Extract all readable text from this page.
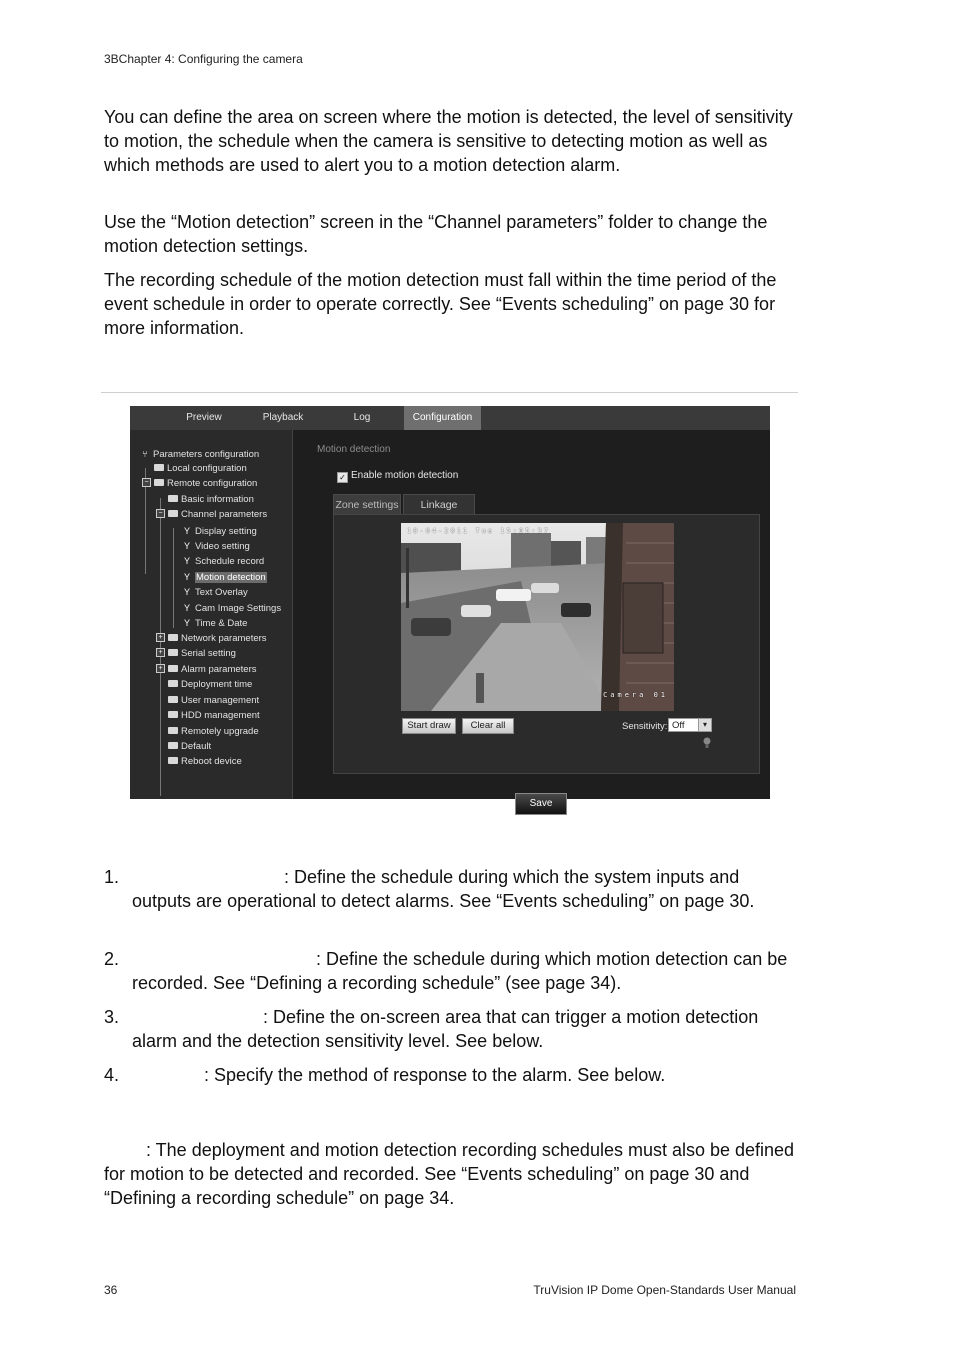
3BChapter 4: Configuring the camera

You can define the area on screen where the motion is detected, the level of sensitivity to motion, the schedule when the camera is sensitive to detecting motion as well as which methods are used to alert you to a motion detection alarm.

Use the “Motion detection” screen in the “Channel parameters” folder to change the motion detection settings.

The recording schedule of the motion detection must fall within the time period of the event schedule in order to operate correctly. See “Events scheduling” on page 30 for more information.

Preview	Playback	Log	Configuration
⑂ Parameters configuration
Local configuration
− Remote configuration
Basic information
− Channel parameters
Y Display setting
Y Video setting
Y Schedule record
Y Motion detection
Y Text Overlay
Y Cam Image Settings
Y Time & Date
+ Network parameters
+ Serial setting
+ Alarm parameters
Deployment time
User management
HDD management
Remotely upgrade
Default
Reboot device
Motion detection
✓ Enable motion detection
Zone settings	Linkage
10-04-2011 Tue 15:05:37
Camera 01
Start draw	Clear all	Sensitivity: Off	▾
Save
1.	: Define the schedule during which the system inputs and outputs are operational to detect alarms. See “Events scheduling” on page 30.
2.	: Define the schedule during which motion detection can be recorded. See “Defining a recording schedule” (see page 34).
3.	: Define the on-screen area that can trigger a motion detection alarm and the detection sensitivity level. See below.
4.	: Specify the method of response to the alarm. See below.

: The deployment and motion detection recording schedules must also be defined for motion to be detected and recorded. See “Events scheduling” on page 30 and “Defining a recording schedule” on page 34.

36	TruVision IP Dome Open-Standards User Manual
